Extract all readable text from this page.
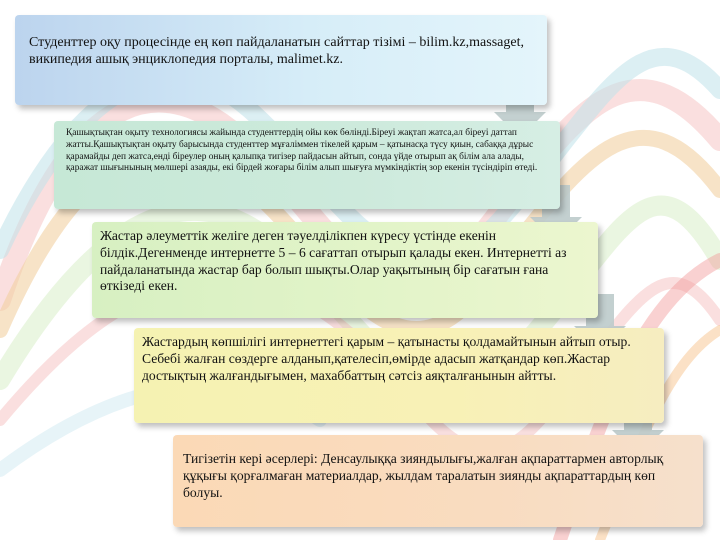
Студенттер оқу процесінде ең көп пайдаланатын сайттар тізімі – bilim.kz,massaget, википедия ашық энциклопедия порталы, malimet.kz.
Қашықтықтан оқыту технологиясы жайында студенттердің ойы көк бөлінді.Біреуі жақтап жатса,ал біреуі даттап жатты.Қашықтықтан оқыту барысында студенттер мұғаліммен тікелей қарым – қатынасқа түсу қиын, сабаққа дұрыс қарамайды деп жатса,енді біреулер оның қалыпқа тигізер пайдасын айтып, сонда үйде отырып ақ білім ала алады, қаражат шығынының мөлшері азаяды, екі бірдей жоғары білім алып шығуға мүмкіндіктің зор екенін түсіндіріп өтеді.
Жастар әлеуметтік желіге деген тәуелділікпен күресу үстінде екенін білдік.Дегенменде интернетте 5 – 6 сағаттап отырып қалады екен. Интернетті аз пайдаланатында жастар бар болып шықты.Олар уақытының бір сағатын ғана өткізеді екен.
Жастардың көпшілігі интернеттегі қарым – қатынасты қолдамайтынын айтып отыр. Себебі жалған сөздерге алданып,қателесіп,өмірде адасып жатқандар көп.Жастар достықтың жалғандығымен, махаббаттың сәтсіз аяқталғанынын айтты.
Тигізетін кері әсерлері: Денсаулыққа зияндылығы,жалған ақпараттармен авторлық құқығы қорғалмаған материалдар, жылдам таралатын зиянды ақпараттардың көп болуы.
